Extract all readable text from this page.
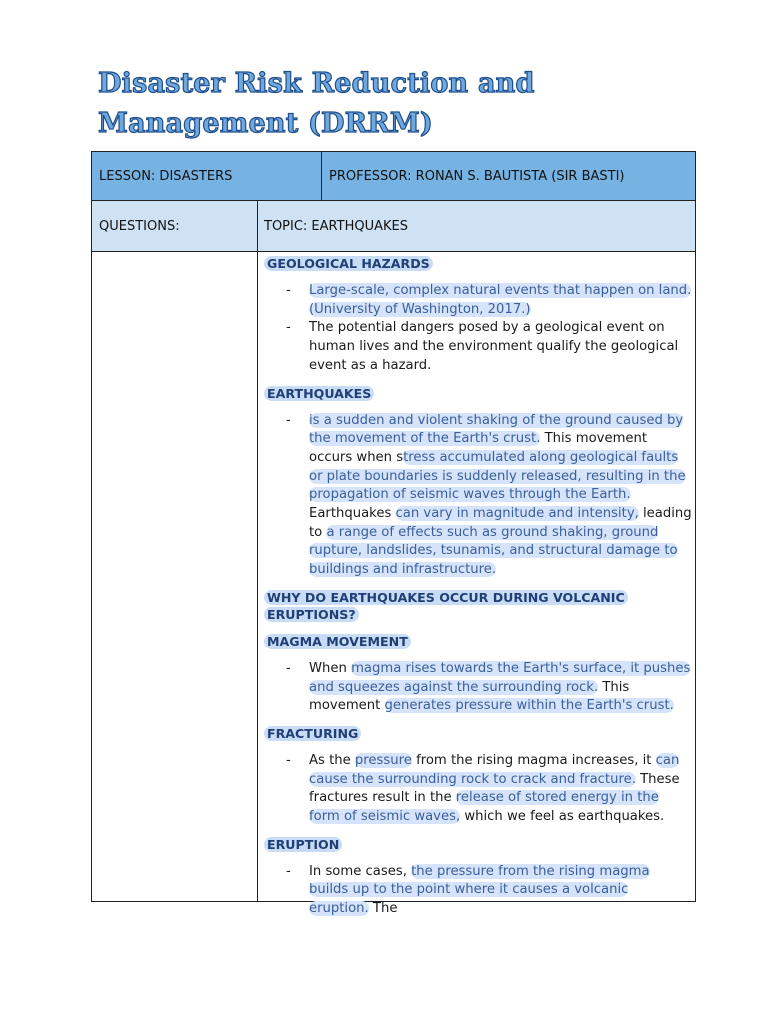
Disaster Risk Reduction and
Management (DRRM)
LESSON: DISASTERS	PROFESSOR: RONAN S. BAUTISTA (SIR BASTI)
QUESTIONS:	TOPIC: EARTHQUAKES
GEOLOGICAL HAZARDS
- Large-scale, complex natural events that happen on land. (University of Washington, 2017.)
- The potential dangers posed by a geological event on human lives and the environment qualify the geological event as a hazard.
EARTHQUAKES
- is a sudden and violent shaking of the ground caused by the movement of the Earth's crust. This movement occurs when stress accumulated along geological faults or plate boundaries is suddenly released, resulting in the propagation of seismic waves through the Earth. Earthquakes can vary in magnitude and intensity, leading to a range of effects such as ground shaking, ground rupture, landslides, tsunamis, and structural damage to buildings and infrastructure.
WHY DO EARTHQUAKES OCCUR DURING VOLCANIC ERUPTIONS?
MAGMA MOVEMENT
- When magma rises towards the Earth's surface, it pushes and squeezes against the surrounding rock. This movement generates pressure within the Earth's crust.
FRACTURING
- As the pressure from the rising magma increases, it can cause the surrounding rock to crack and fracture. These fractures result in the release of stored energy in the form of seismic waves, which we feel as earthquakes.
ERUPTION
- In some cases, the pressure from the rising magma builds up to the point where it causes a volcanic eruption. The
